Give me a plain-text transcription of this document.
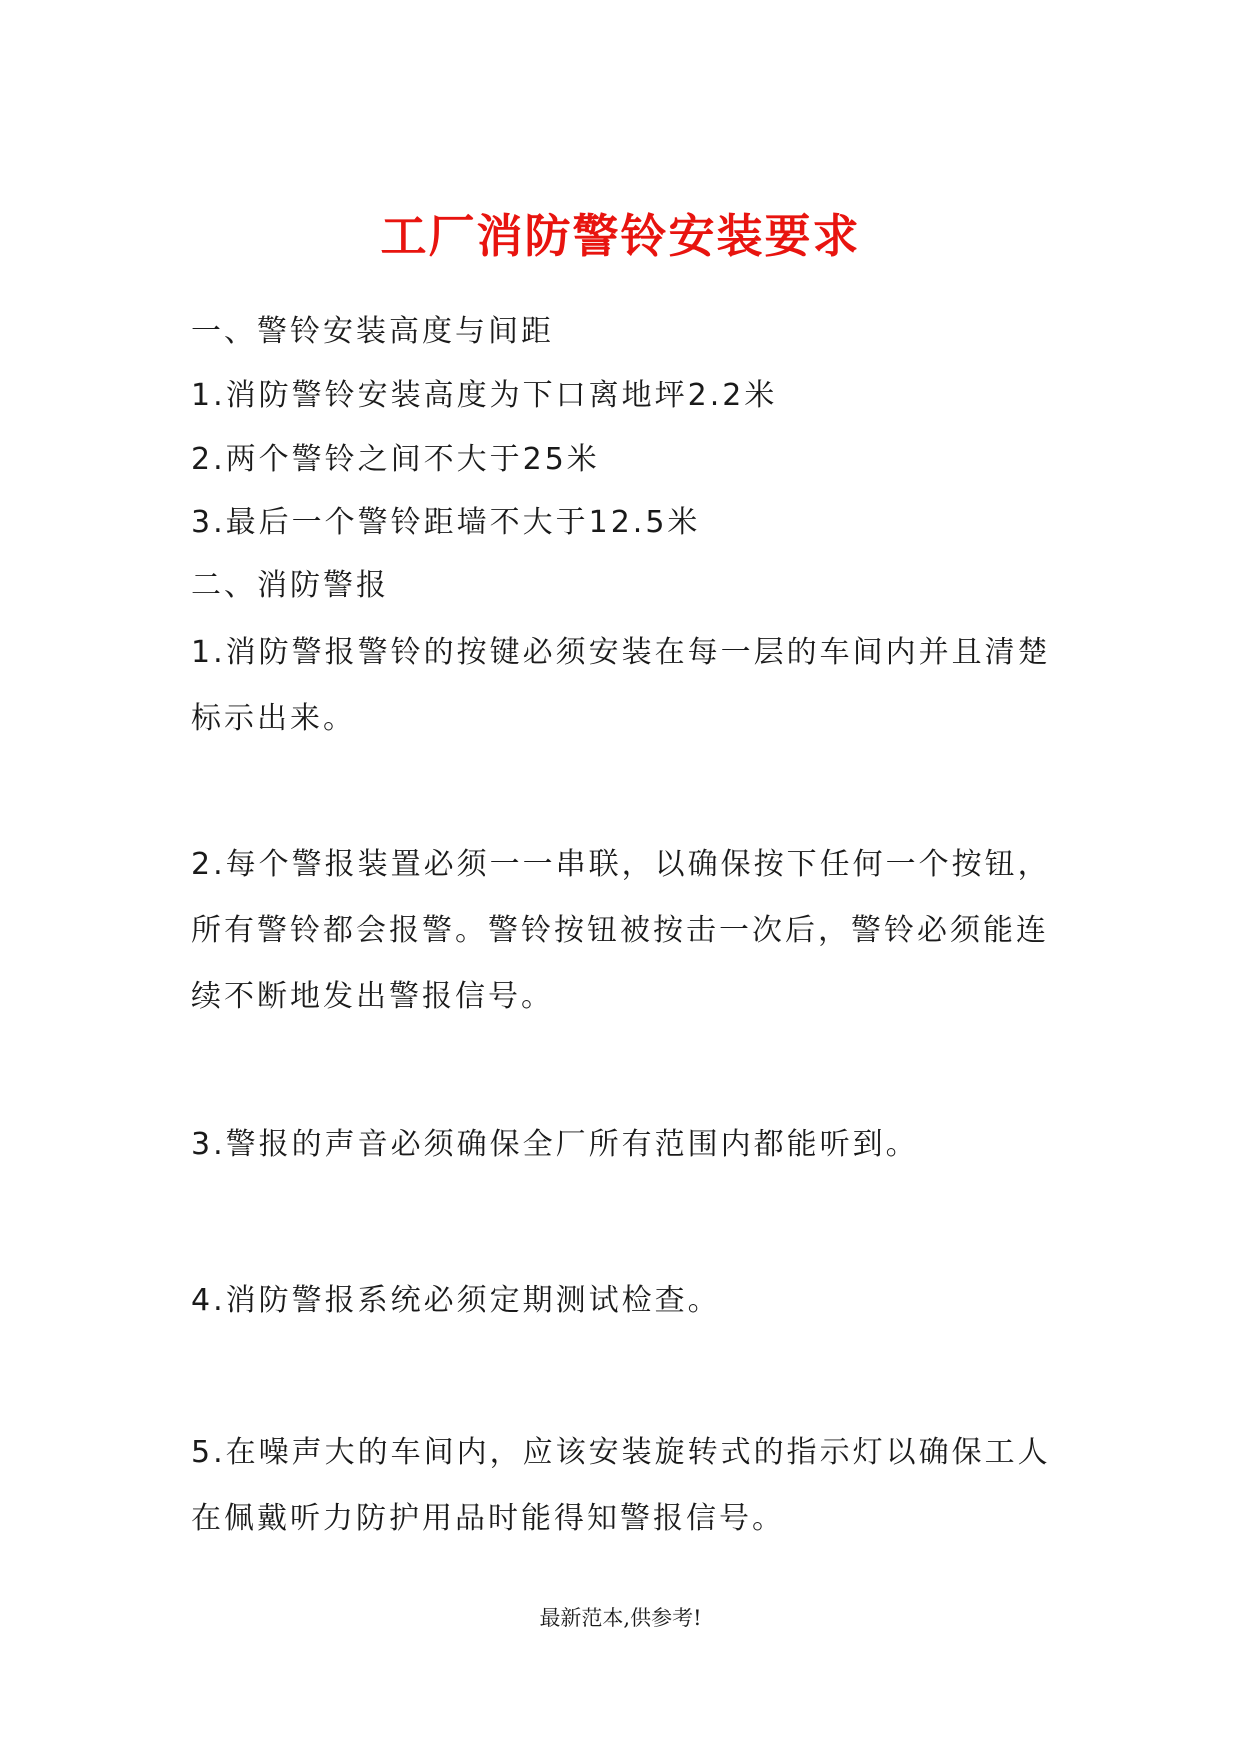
工厂消防警铃安装要求

一、警铃安装高度与间距

1.消防警铃安装高度为下口离地坪2.2米

2.两个警铃之间不大于25米

3.最后一个警铃距墙不大于12.5米

二、消防警报

1.消防警报警铃的按键必须安装在每一层的车间内并且清楚标示出来。

2.每个警报装置必须一一串联，以确保按下任何一个按钮，所有警铃都会报警。警铃按钮被按击一次后，警铃必须能连续不断地发出警报信号。

3.警报的声音必须确保全厂所有范围内都能听到。

4.消防警报系统必须定期测试检查。

5.在噪声大的车间内，应该安装旋转式的指示灯以确保工人在佩戴听力防护用品时能得知警报信号。

最新范本,供参考!
